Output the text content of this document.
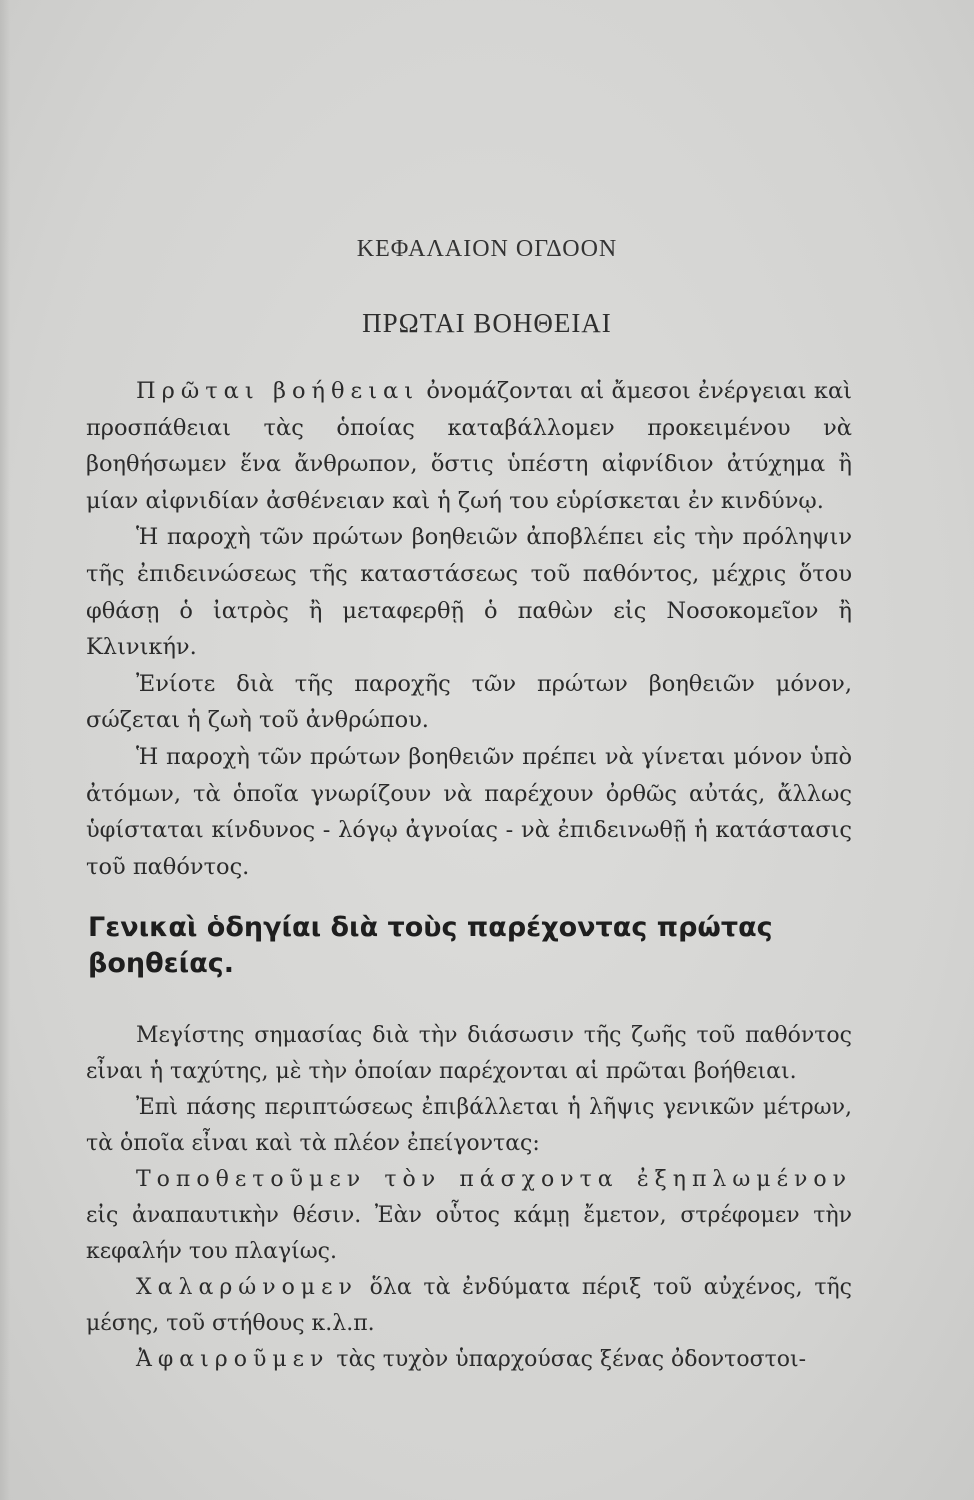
ΚΕΦΑΛΑΙΟΝ ΟΓΔΟΟΝ
ΠΡΩΤΑΙ ΒΟΗΘΕΙΑΙ

Πρῶται βοήθειαι ὀνομάζονται αἱ ἄμεσοι ἐνέργειαι καὶ προσπάθειαι τὰς ὁποίας καταβάλλομεν προκειμένου νὰ βοηθήσωμεν ἕνα ἄνθρωπον, ὅστις ὑπέστη αἰφνίδιον ἀτύχημα ἢ μίαν αἰφνιδίαν ἀσθένειαν καὶ ἡ ζωή του εὑρίσκεται ἐν κινδύνῳ.

Ἡ παροχὴ τῶν πρώτων βοηθειῶν ἀποβλέπει εἰς τὴν πρόληψιν τῆς ἐπιδεινώσεως τῆς καταστάσεως τοῦ παθόντος, μέχρις ὅτου φθάσῃ ὁ ἰατρὸς ἢ μεταφερθῇ ὁ παθὼν εἰς Νοσοκομεῖον ἢ Κλινικήν.

Ἐνίοτε διὰ τῆς παροχῆς τῶν πρώτων βοηθειῶν μόνον, σώζεται ἡ ζωὴ τοῦ ἀνθρώπου.

Ἡ παροχὴ τῶν πρώτων βοηθειῶν πρέπει νὰ γίνεται μόνον ὑπὸ ἀτόμων, τὰ ὁποῖα γνωρίζουν νὰ παρέχουν ὀρθῶς αὐτάς, ἄλλως ὑφίσταται κίνδυνος - λόγῳ ἀγνοίας - νὰ ἐπιδεινωθῇ ἡ κατάστασις τοῦ παθόντος.

Γενικαὶ ὁδηγίαι διὰ τοὺς παρέχοντας πρώτας βοηθείας.

Μεγίστης σημασίας διὰ τὴν διάσωσιν τῆς ζωῆς τοῦ παθόντος εἶναι ἡ ταχύτης, μὲ τὴν ὁποίαν παρέχονται αἱ πρῶται βοήθειαι.

Ἐπὶ πάσης περιπτώσεως ἐπιβάλλεται ἡ λῆψις γενικῶν μέτρων, τὰ ὁποῖα εἶναι καὶ τὰ πλέον ἐπείγοντας:

Τοποθετοῦμεν τὸν πάσχοντα ἐξηπλωμένον εἰς ἀναπαυτικὴν θέσιν. Ἐὰν οὗτος κάμῃ ἔμετον, στρέφομεν τὴν κεφαλήν του πλαγίως.

Χαλαρώνομεν ὅλα τὰ ἐνδύματα πέριξ τοῦ αὐχένος, τῆς μέσης, τοῦ στήθους κ.λ.π.

Ἀφαιροῦμεν τὰς τυχὸν ὑπαρχούσας ξένας ὀδοντοστοι-
